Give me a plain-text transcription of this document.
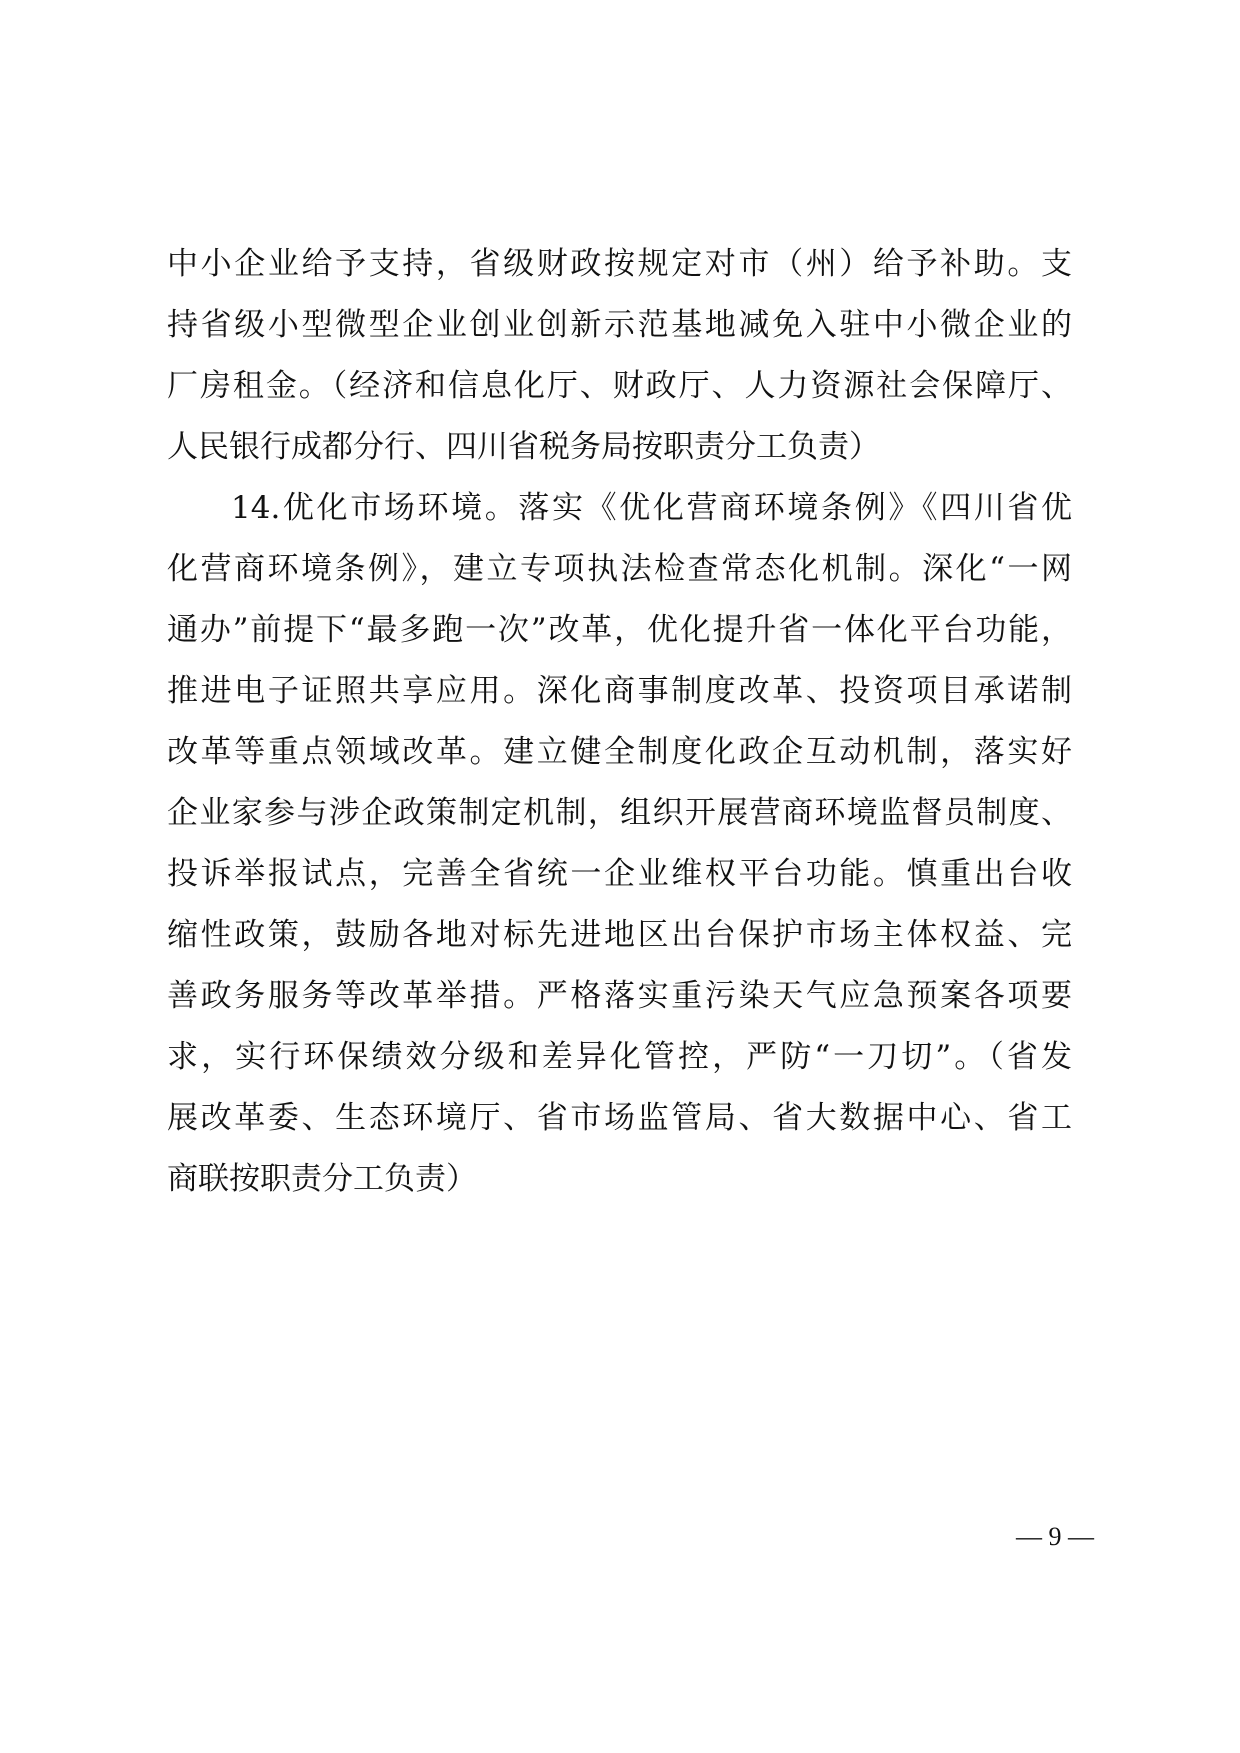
中小企业给予支持，省级财政按规定对市（州）给予补助。支
持省级小型微型企业创业创新示范基地减免入驻中小微企业的
厂房租金。（经济和信息化厅、财政厅、人力资源社会保障厅、
人民银行成都分行、四川省税务局按职责分工负责）
14.优化市场环境。落实《优化营商环境条例》《四川省优
化营商环境条例》，建立专项执法检查常态化机制。深化“一网
通办”前提下“最多跑一次”改革，优化提升省一体化平台功能，
推进电子证照共享应用。深化商事制度改革、投资项目承诺制
改革等重点领域改革。建立健全制度化政企互动机制，落实好
企业家参与涉企政策制定机制，组织开展营商环境监督员制度、
投诉举报试点，完善全省统一企业维权平台功能。慎重出台收
缩性政策，鼓励各地对标先进地区出台保护市场主体权益、完
善政务服务等改革举措。严格落实重污染天气应急预案各项要
求，实行环保绩效分级和差异化管控，严防“一刀切”。（省发
展改革委、生态环境厅、省市场监管局、省大数据中心、省工
商联按职责分工负责）
— 9 —
